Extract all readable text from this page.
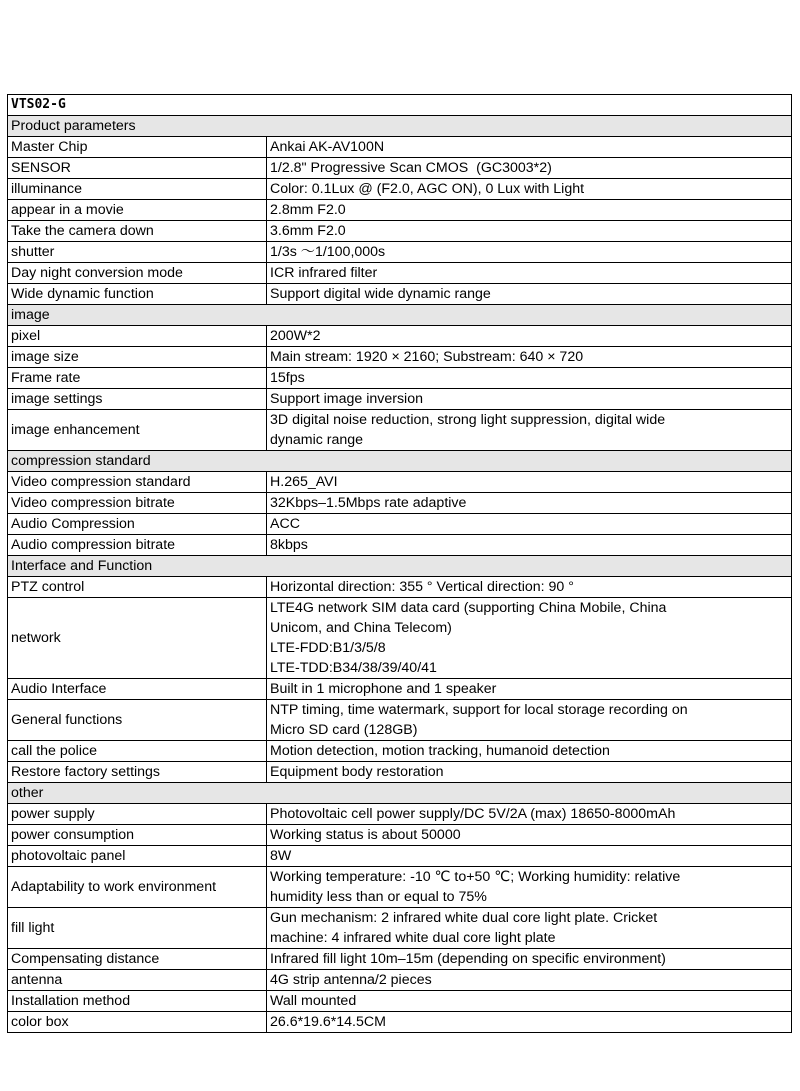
VTS02-G	
Product parameters	
Master Chip	Ankai AK-AV100N
SENSOR	1/2.8" Progressive Scan CMOS  (GC3003*2)
illuminance	Color: 0.1Lux @ (F2.0, AGC ON), 0 Lux with Light
appear in a movie	2.8mm F2.0
Take the camera down	3.6mm F2.0
shutter	1/3s ～1/100,000s
Day night conversion mode	ICR infrared filter
Wide dynamic function	Support digital wide dynamic range
image	
pixel	200W*2
image size	Main stream: 1920 × 2160; Substream: 640 × 720
Frame rate	15fps
image settings	Support image inversion
image enhancement	3D digital noise reduction, strong light suppression, digital wide
dynamic range

compression standard	
Video compression standard	H.265_AVI
Video compression bitrate	32Kbps–1.5Mbps rate adaptive
Audio Compression	ACC
Audio compression bitrate	8kbps
Interface and Function	
PTZ control	Horizontal direction: 355 ° Vertical direction: 90 °
network	LTE4G network SIM data card (supporting China Mobile, China
Unicom, and China Telecom)
LTE-FDD:B1/3/5/8
LTE-TDD:B34/38/39/40/41

Audio Interface	Built in 1 microphone and 1 speaker
General functions	NTP timing, time watermark, support for local storage recording on
Micro SD card (128GB)

call the police	Motion detection, motion tracking, humanoid detection
Restore factory settings	Equipment body restoration
other	
power supply	Photovoltaic cell power supply/DC 5V/2A (max) 18650-8000mAh
power consumption	Working status is about 50000
photovoltaic panel	8W
Adaptability to work environment	Working temperature: -10 ℃ to+50 ℃; Working humidity: relative
humidity less than or equal to 75%

fill light	Gun mechanism: 2 infrared white dual core light plate. Cricket
machine: 4 infrared white dual core light plate

Compensating distance	Infrared fill light 10m–15m (depending on specific environment)
antenna	4G strip antenna/2 pieces
Installation method	Wall mounted
color box	26.6*19.6*14.5CM
